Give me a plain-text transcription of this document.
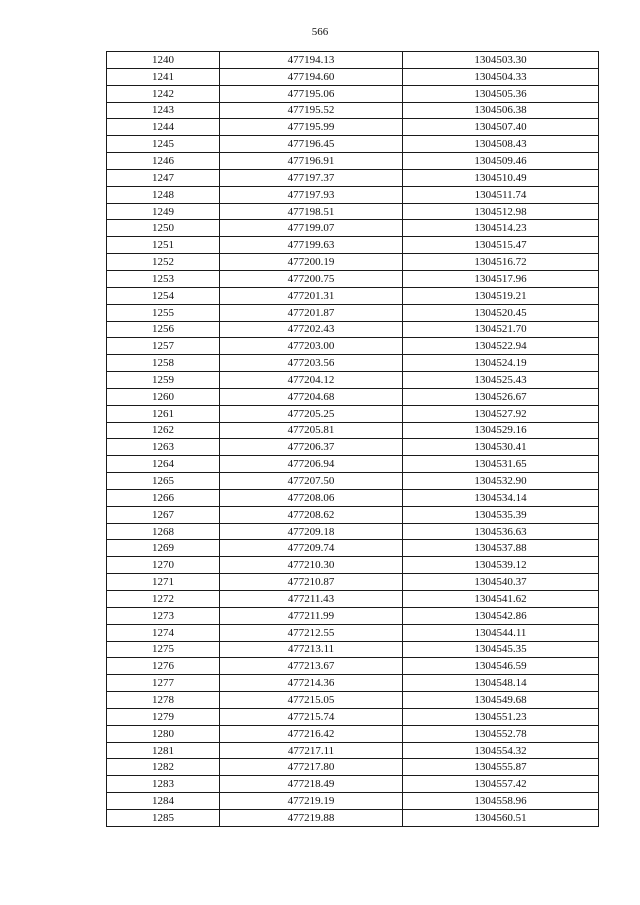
566
1240	477194.13	1304503.30
1241	477194.60	1304504.33
1242	477195.06	1304505.36
1243	477195.52	1304506.38
1244	477195.99	1304507.40
1245	477196.45	1304508.43
1246	477196.91	1304509.46
1247	477197.37	1304510.49
1248	477197.93	1304511.74
1249	477198.51	1304512.98
1250	477199.07	1304514.23
1251	477199.63	1304515.47
1252	477200.19	1304516.72
1253	477200.75	1304517.96
1254	477201.31	1304519.21
1255	477201.87	1304520.45
1256	477202.43	1304521.70
1257	477203.00	1304522.94
1258	477203.56	1304524.19
1259	477204.12	1304525.43
1260	477204.68	1304526.67
1261	477205.25	1304527.92
1262	477205.81	1304529.16
1263	477206.37	1304530.41
1264	477206.94	1304531.65
1265	477207.50	1304532.90
1266	477208.06	1304534.14
1267	477208.62	1304535.39
1268	477209.18	1304536.63
1269	477209.74	1304537.88
1270	477210.30	1304539.12
1271	477210.87	1304540.37
1272	477211.43	1304541.62
1273	477211.99	1304542.86
1274	477212.55	1304544.11
1275	477213.11	1304545.35
1276	477213.67	1304546.59
1277	477214.36	1304548.14
1278	477215.05	1304549.68
1279	477215.74	1304551.23
1280	477216.42	1304552.78
1281	477217.11	1304554.32
1282	477217.80	1304555.87
1283	477218.49	1304557.42
1284	477219.19	1304558.96
1285	477219.88	1304560.51
